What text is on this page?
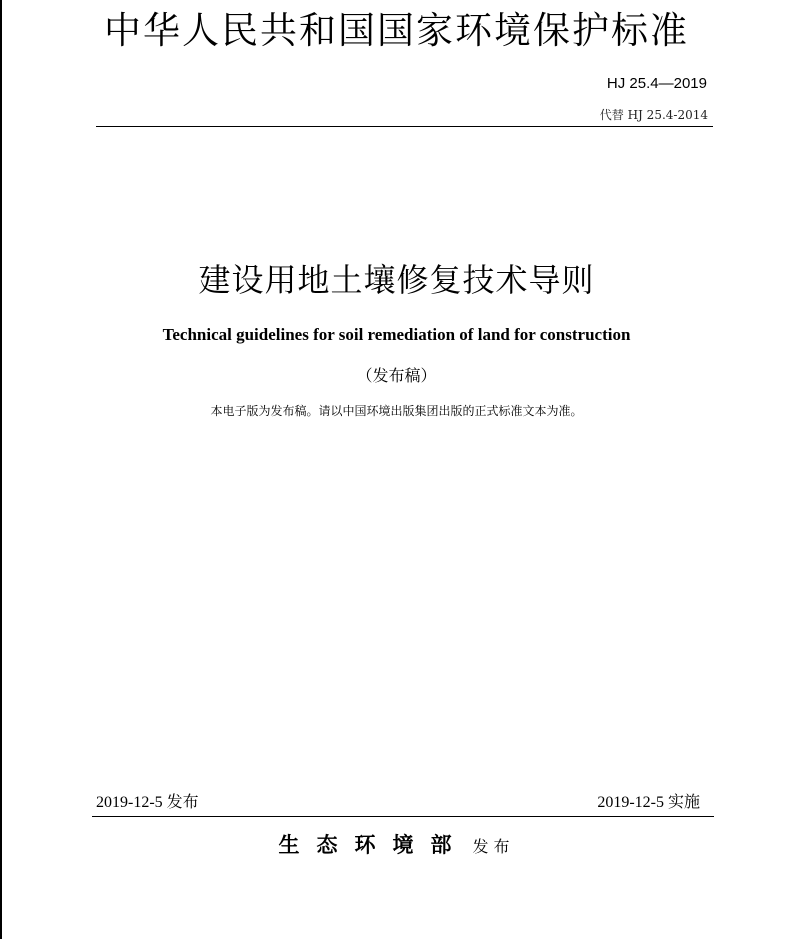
中华人民共和国国家环境保护标准
HJ 25.4—2019
代替 HJ 25.4-2014
建设用地土壤修复技术导则
Technical guidelines for soil remediation of land for construction
（发布稿）
本电子版为发布稿。请以中国环境出版集团出版的正式标准文本为准。
2019-12-5 发布	2019-12-5 实施
生态环境部 发布
